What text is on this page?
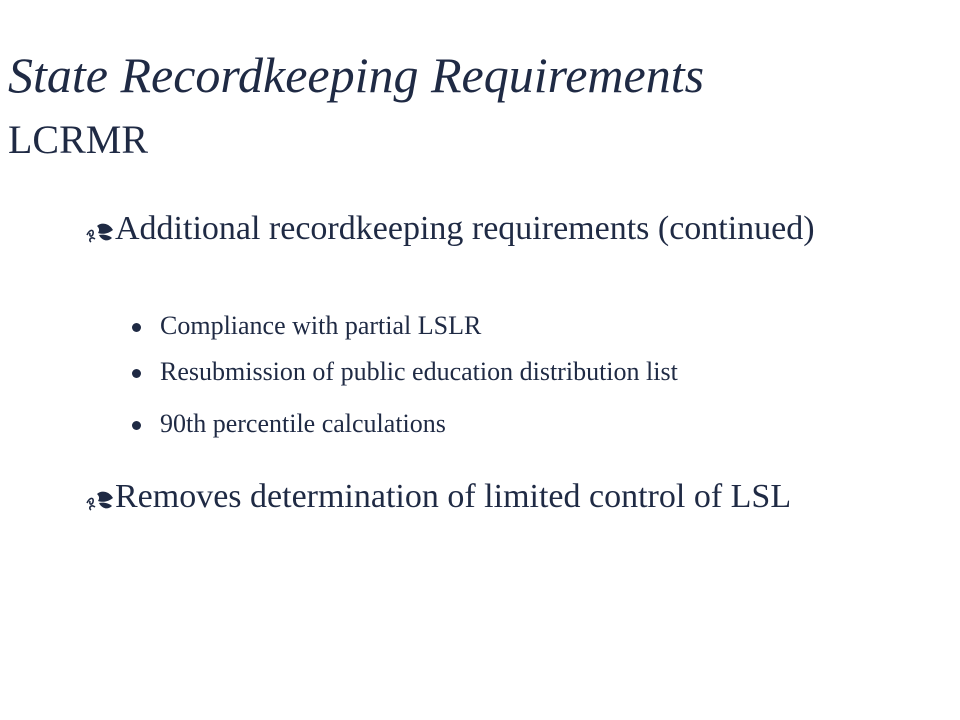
State Recordkeeping Requirements
LCRMR
Additional recordkeeping requirements (continued)
Compliance with partial LSLR
Resubmission of public education distribution list
90th percentile calculations
Removes determination of limited control of LSL
